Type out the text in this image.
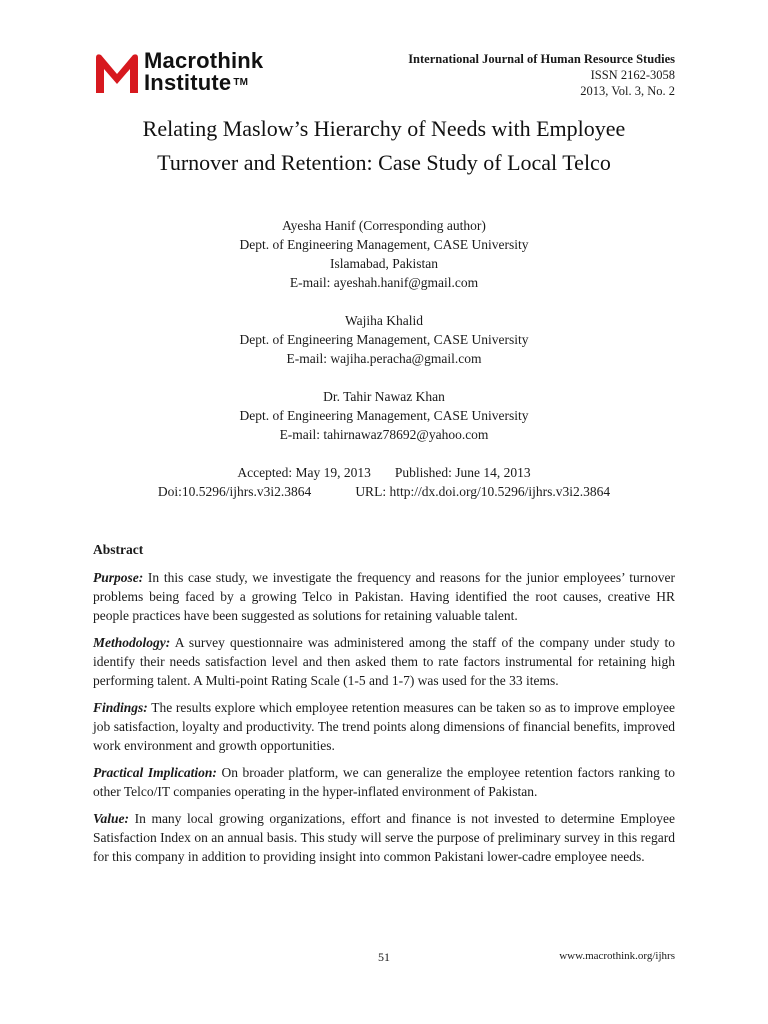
Macrothink
Institute ™
International Journal of Human Resource Studies
ISSN 2162-3058
2013, Vol. 3, No. 2
Relating Maslow’s Hierarchy of Needs with Employee
Turnover and Retention: Case Study of Local Telco
Ayesha Hanif (Corresponding author)
Dept. of Engineering Management, CASE University
Islamabad, Pakistan
E-mail: ayeshah.hanif@gmail.com
Wajiha Khalid
Dept. of Engineering Management, CASE University
E-mail: wajiha.peracha@gmail.com
Dr. Tahir Nawaz Khan
Dept. of Engineering Management, CASE University
E-mail: tahirnawaz78692@yahoo.com
Accepted: May 19, 2013 Published: June 14, 2013
Doi:10.5296/ijhrs.v3i2.3864	URL: http://dx.doi.org/10.5296/ijhrs.v3i2.3864
Abstract

Purpose: In this case study, we investigate the frequency and reasons for the junior employees’ turnover problems being faced by a growing Telco in Pakistan. Having identified the root causes, creative HR people practices have been suggested as solutions for retaining valuable talent.

Methodology: A survey questionnaire was administered among the staff of the company under study to identify their needs satisfaction level and then asked them to rate factors instrumental for retaining high performing talent. A Multi-point Rating Scale (1-5 and 1-7) was used for the 33 items.

Findings: The results explore which employee retention measures can be taken so as to improve employee job satisfaction, loyalty and productivity. The trend points along dimensions of financial benefits, improved work environment and growth opportunities.

Practical Implication: On broader platform, we can generalize the employee retention factors ranking to other Telco/IT companies operating in the hyper-inflated environment of Pakistan.

Value: In many local growing organizations, effort and finance is not invested to determine Employee Satisfaction Index on an annual basis. This study will serve the purpose of preliminary survey in this regard for this company in addition to providing insight into common Pakistani lower-cadre employee needs.

51	www.macrothink.org/ijhrs
